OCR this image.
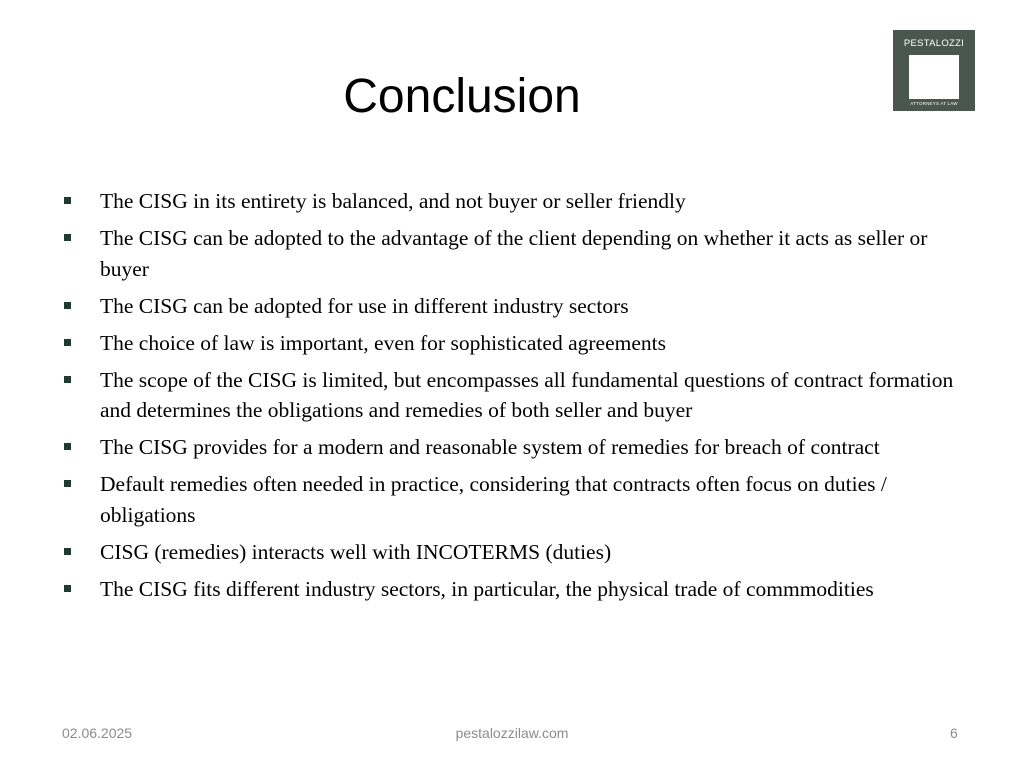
Conclusion
PESTALOZZI
ATTORNEYS AT LAW
The CISG in its entirety is balanced, and not buyer or seller friendly
The CISG can be adopted to the advantage of the client depending on whether it acts as seller or buyer
The CISG can be adopted for use in different industry sectors
The choice of law is important, even for sophisticated agreements
The scope of the CISG is limited, but encompasses all fundamental questions of contract formation and determines the obligations and remedies of both seller and buyer
The CISG provides for a modern and reasonable system of remedies for breach of contract
Default remedies often needed in practice, considering that contracts often focus on duties / obligations
CISG (remedies) interacts well with INCOTERMS (duties)
The CISG fits different industry sectors, in particular, the physical trade of commmodities
02.06.2025	pestalozzilaw.com	6
